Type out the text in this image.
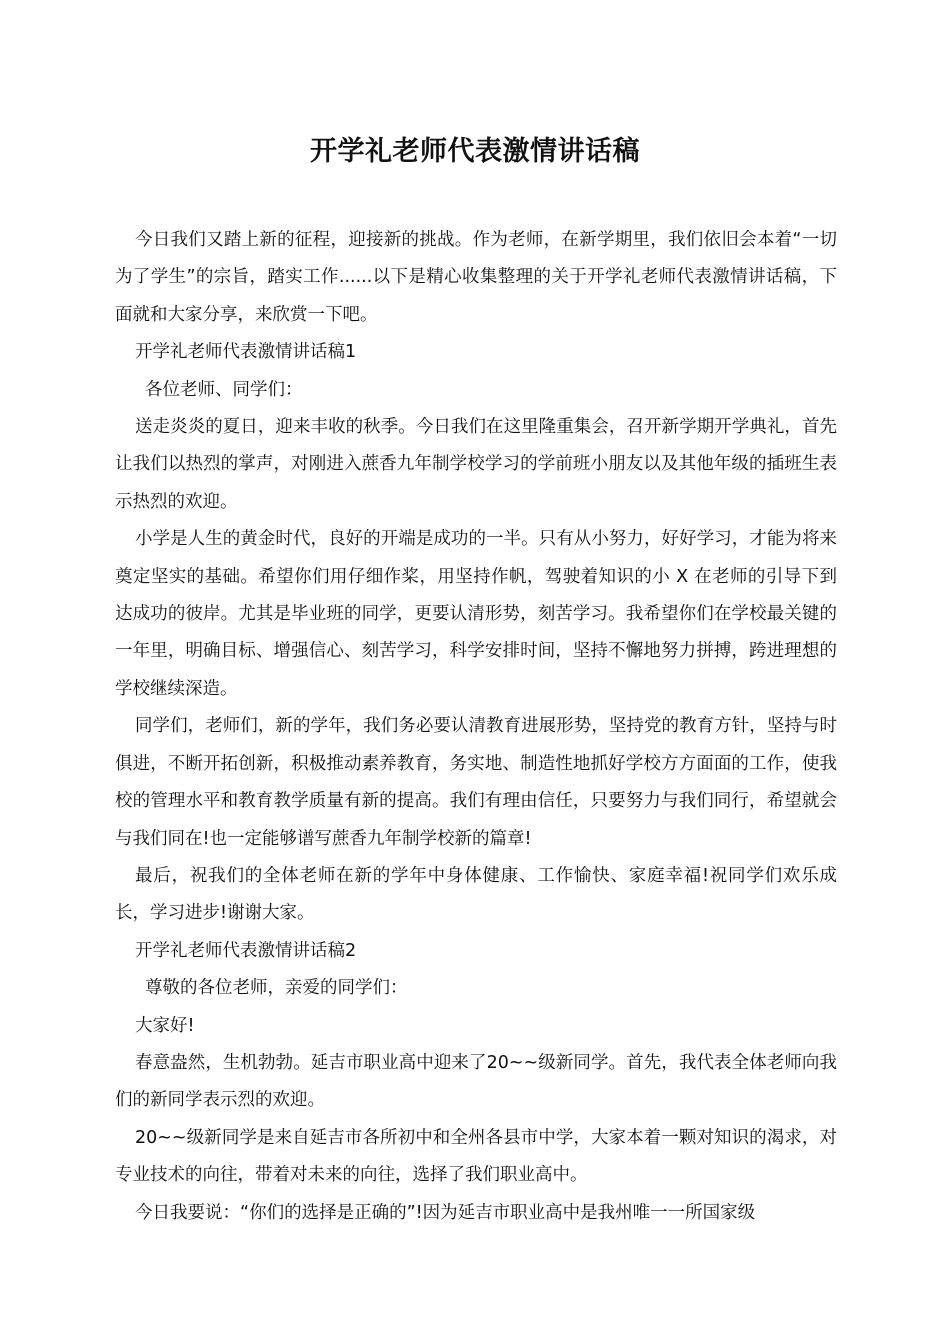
开学礼老师代表激情讲话稿

今日我们又踏上新的征程，迎接新的挑战。作为老师，在新学期里，我们依旧会本着“一切为了学生”的宗旨，踏实工作......以下是精心收集整理的关于开学礼老师代表激情讲话稿，下面就和大家分享，来欣赏一下吧。

开学礼老师代表激情讲话稿1

各位老师、同学们：

送走炎炎的夏日，迎来丰收的秋季。今日我们在这里隆重集会，召开新学期开学典礼，首先让我们以热烈的掌声，对刚进入蔗香九年制学校学习的学前班小朋友以及其他年级的插班生表示热烈的欢迎。

小学是人生的黄金时代，良好的开端是成功的一半。只有从小努力，好好学习，才能为将来奠定坚实的基础。希望你们用仔细作桨，用坚持作帆，驾驶着知识的小 X 在老师的引导下到达成功的彼岸。尤其是毕业班的同学，更要认清形势，刻苦学习。我希望你们在学校最关键的一年里，明确目标、增强信心、刻苦学习，科学安排时间，坚持不懈地努力拼搏，跨进理想的学校继续深造。

同学们，老师们，新的学年，我们务必要认清教育进展形势，坚持党的教育方针，坚持与时俱进，不断开拓创新，积极推动素养教育，务实地、制造性地抓好学校方方面面的工作，使我校的管理水平和教育教学质量有新的提高。我们有理由信任，只要努力与我们同行，希望就会与我们同在!也一定能够谱写蔗香九年制学校新的篇章!

最后，祝我们的全体老师在新的学年中身体健康、工作愉快、家庭幸福!祝同学们欢乐成长，学习进步!谢谢大家。

开学礼老师代表激情讲话稿2

尊敬的各位老师，亲爱的同学们：

大家好!

春意盎然，生机勃勃。延吉市职业高中迎来了20~~级新同学。首先，我代表全体老师向我们的新同学表示烈的欢迎。

20~~级新同学是来自延吉市各所初中和全州各县市中学，大家本着一颗对知识的渴求，对专业技术的向往，带着对未来的向往，选择了我们职业高中。

今日我要说：“你们的选择是正确的”!因为延吉市职业高中是我州唯一一所国家级
